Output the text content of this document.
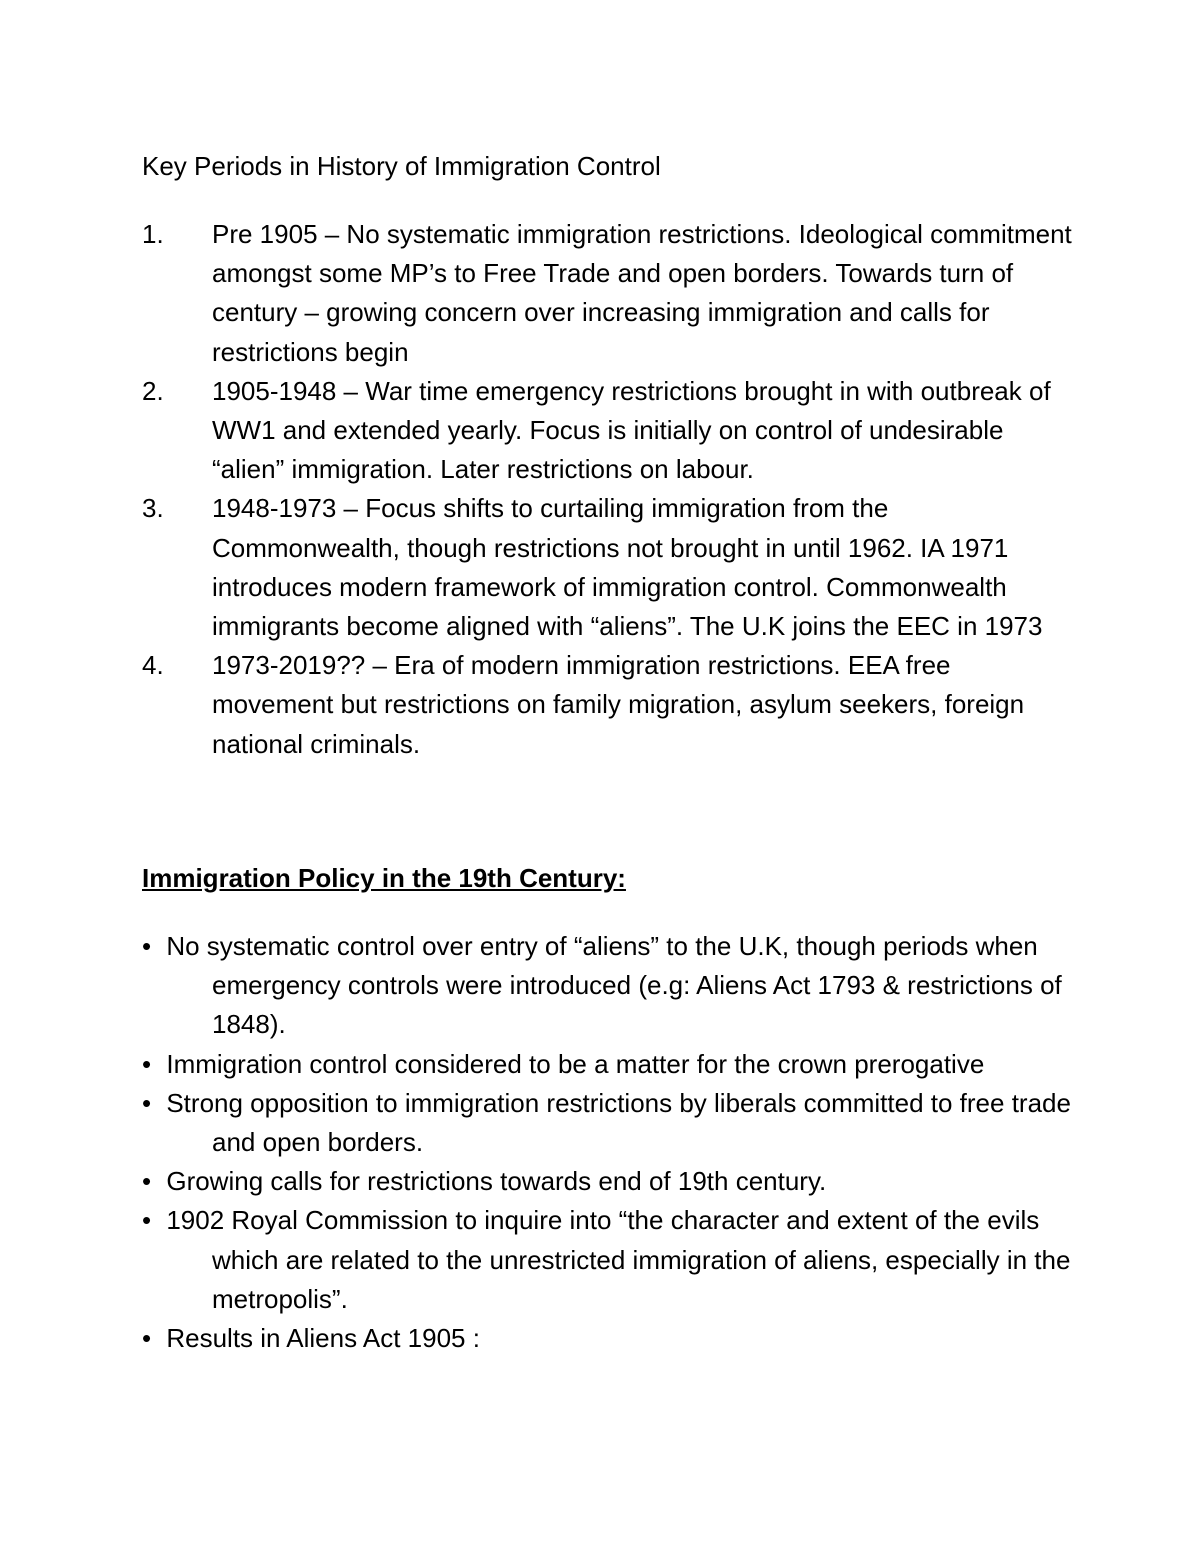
Key Periods in History of Immigration Control
1. Pre 1905 – No systematic immigration restrictions. Ideological commitment amongst some MP’s to Free Trade and open borders. Towards turn of century – growing concern over increasing immigration and calls for restrictions begin
2. 1905-1948 – War time emergency restrictions brought in with outbreak of WW1 and extended yearly. Focus is initially on control of undesirable “alien” immigration. Later restrictions on labour.
3. 1948-1973 – Focus shifts to curtailing immigration from the Commonwealth, though restrictions not brought in until 1962. IA 1971 introduces modern framework of immigration control. Commonwealth immigrants become aligned with “aliens”. The U.K joins the EEC in 1973
4. 1973-2019?? – Era of modern immigration restrictions. EEA free movement but restrictions on family migration, asylum seekers, foreign national criminals.
Immigration Policy in the 19th Century:
• No systematic control over entry of “aliens” to the U.K, though periods when emergency controls were introduced (e.g: Aliens Act 1793 & restrictions of 1848).
• Immigration control considered to be a matter for the crown prerogative
• Strong opposition to immigration restrictions by liberals committed to free trade and open borders.
• Growing calls for restrictions towards end of 19th century.
• 1902 Royal Commission to inquire into “the character and extent of the evils which are related to the unrestricted immigration of aliens, especially in the metropolis”.
• Results in Aliens Act 1905 :
